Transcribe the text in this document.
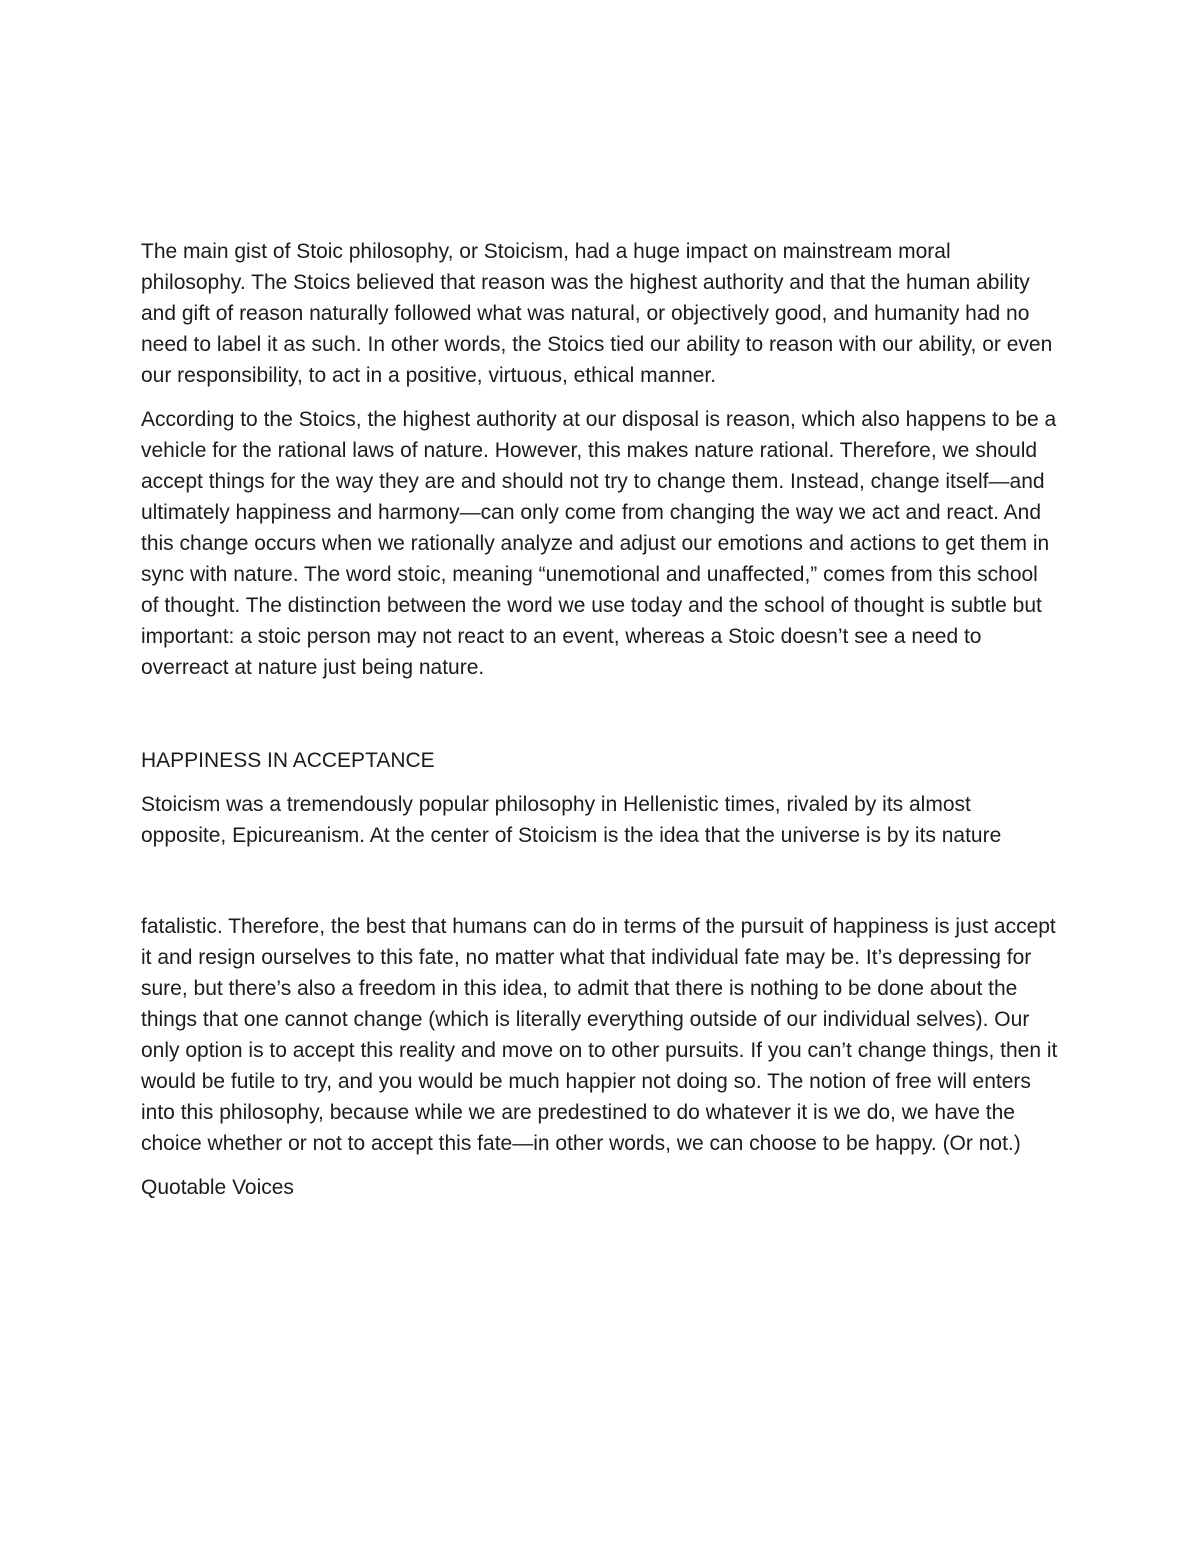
The main gist of Stoic philosophy, or Stoicism, had a huge impact on mainstream moral philosophy. The Stoics believed that reason was the highest authority and that the human ability and gift of reason naturally followed what was natural, or objectively good, and humanity had no need to label it as such. In other words, the Stoics tied our ability to reason with our ability, or even our responsibility, to act in a positive, virtuous, ethical manner.

According to the Stoics, the highest authority at our disposal is reason, which also happens to be a vehicle for the rational laws of nature. However, this makes nature rational. Therefore, we should accept things for the way they are and should not try to change them. Instead, change itself—and ultimately happiness and harmony—can only come from changing the way we act and react. And this change occurs when we rationally analyze and adjust our emotions and actions to get them in sync with nature. The word stoic, meaning “unemotional and unaffected,” comes from this school of thought. The distinction between the word we use today and the school of thought is subtle but important: a stoic person may not react to an event, whereas a Stoic doesn’t see a need to overreact at nature just being nature.

HAPPINESS IN ACCEPTANCE

Stoicism was a tremendously popular philosophy in Hellenistic times, rivaled by its almost opposite, Epicureanism. At the center of Stoicism is the idea that the universe is by its nature

fatalistic. Therefore, the best that humans can do in terms of the pursuit of happiness is just accept it and resign ourselves to this fate, no matter what that individual fate may be. It’s depressing for sure, but there’s also a freedom in this idea, to admit that there is nothing to be done about the things that one cannot change (which is literally everything outside of our individual selves). Our only option is to accept this reality and move on to other pursuits. If you can’t change things, then it would be futile to try, and you would be much happier not doing so. The notion of free will enters into this philosophy, because while we are predestined to do whatever it is we do, we have the choice whether or not to accept this fate—in other words, we can choose to be happy. (Or not.)

Quotable Voices
